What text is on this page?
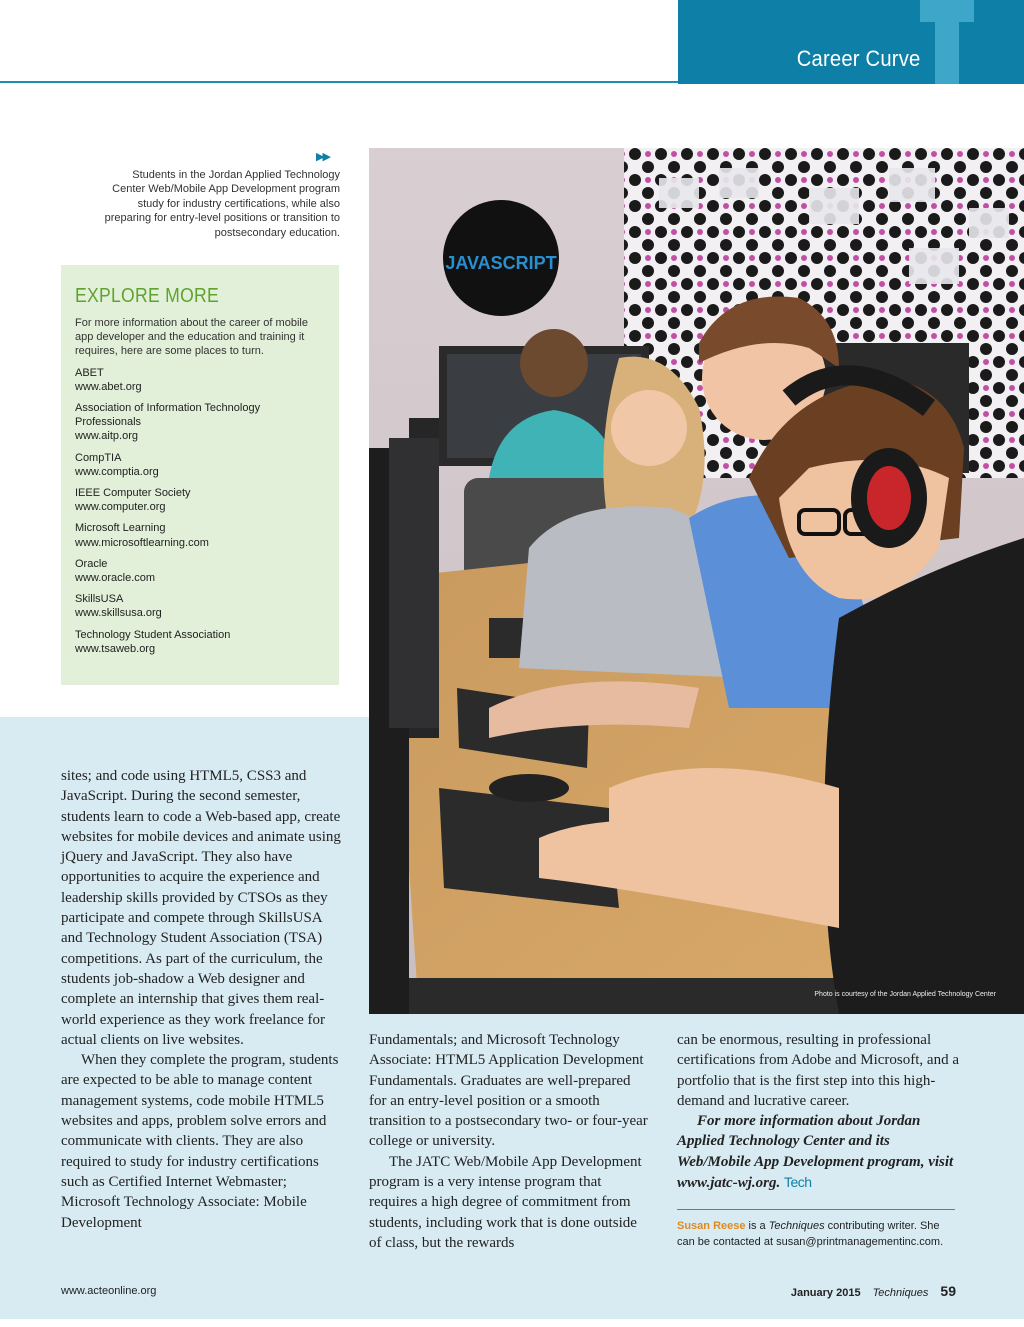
Career Curve
▶▶
Students in the Jordan Applied Technology Center Web/Mobile App Development program study for industry certifications, while also preparing for entry-level positions or transition to postsecondary education.
EXPLORE MORE
For more information about the career of mobile app developer and the education and training it requires, here are some places to turn.
ABET
www.abet.org
Association of Information Technology Professionals
www.aitp.org
CompTIA
www.comptia.org
IEEE Computer Society
www.computer.org
Microsoft Learning
www.microsoftlearning.com
Oracle
www.oracle.com
SkillsUSA
www.skillsusa.org
Technology Student Association
www.tsaweb.org
JAVASCRIPT
Photo is courtesy of the Jordan Applied Technology Center

sites; and code using HTML5, CSS3 and JavaScript. During the second semester, students learn to code a Web-based app, create websites for mobile devices and animate using jQuery and JavaScript. They also have opportunities to acquire the experience and leadership skills provided by CTSOs as they participate and compete through SkillsUSA and Technology Student Association (TSA) competitions. As part of the curriculum, the students job-shadow a Web designer and complete an internship that gives them real-world experience as they work freelance for actual clients on live websites.

When they complete the program, students are expected to be able to manage content management systems, code mobile HTML5 websites and apps, problem solve errors and communicate with clients. They are also required to study for industry certifications such as Certified Internet Webmaster; Microsoft Technology Associate: Mobile Development

Fundamentals; and Microsoft Technology Associate: HTML5 Application Development Fundamentals. Graduates are well-prepared for an entry-level position or a smooth transition to a postsecondary two- or four-year college or university.

The JATC Web/Mobile App Development program is a very intense program that requires a high degree of commitment from students, including work that is done outside of class, but the rewards

can be enormous, resulting in professional certifications from Adobe and Microsoft, and a portfolio that is the first step into this high-demand and lucrative career.

For more information about Jordan Applied Technology Center and its Web/Mobile App Development program, visit www.jatc-wj.org. Tech

Susan Reese is a Techniques contributing writer. She can be contacted at susan@printmanagementinc.com.
www.acteonline.org	January 2015 Techniques 59
